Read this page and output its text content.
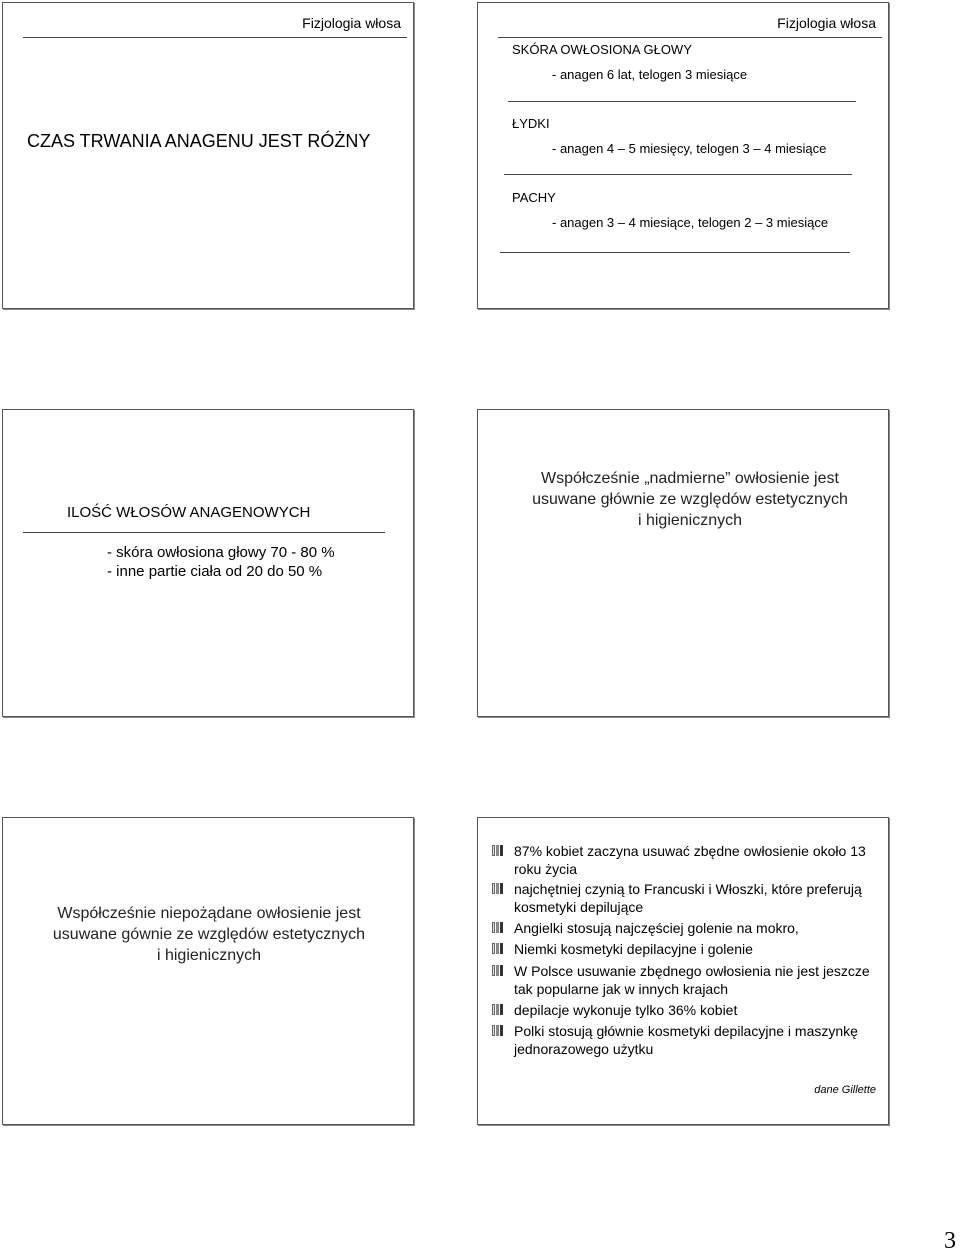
Fizjologia włosa
CZAS TRWANIA ANAGENU JEST RÓŻNY
Fizjologia włosa
SKÓRA OWŁOSIONA GŁOWY
- anagen 6 lat, telogen 3 miesiące
ŁYDKI
- anagen 4 – 5 miesięcy, telogen 3 – 4 miesiące
PACHY
- anagen 3 – 4 miesiące, telogen 2 – 3 miesiące
ILOŚĆ WŁOSÓW ANAGENOWYCH
- skóra owłosiona głowy 70 - 80 %
- inne partie ciała od 20 do 50 %
Współcześnie „nadmierne” owłosienie jest usuwane głównie ze względów estetycznych i higienicznych
Współcześnie niepożądane owłosienie jest usuwane gównie ze względów estetycznych i higienicznych
87% kobiet zaczyna usuwać zbędne owłosienie około 13 roku życia
najchętniej czynią to Francuski i Włoszki, które preferują kosmetyki depilujące
Angielki stosują najczęściej golenie na mokro,
Niemki kosmetyki depilacyjne i golenie
W Polsce usuwanie zbędnego owłosienia nie jest jeszcze tak popularne jak w innych krajach
depilacje wykonuje tylko 36% kobiet
Polki stosują głównie kosmetyki depilacyjne i maszynkę jednorazowego użytku
dane Gillette
3
